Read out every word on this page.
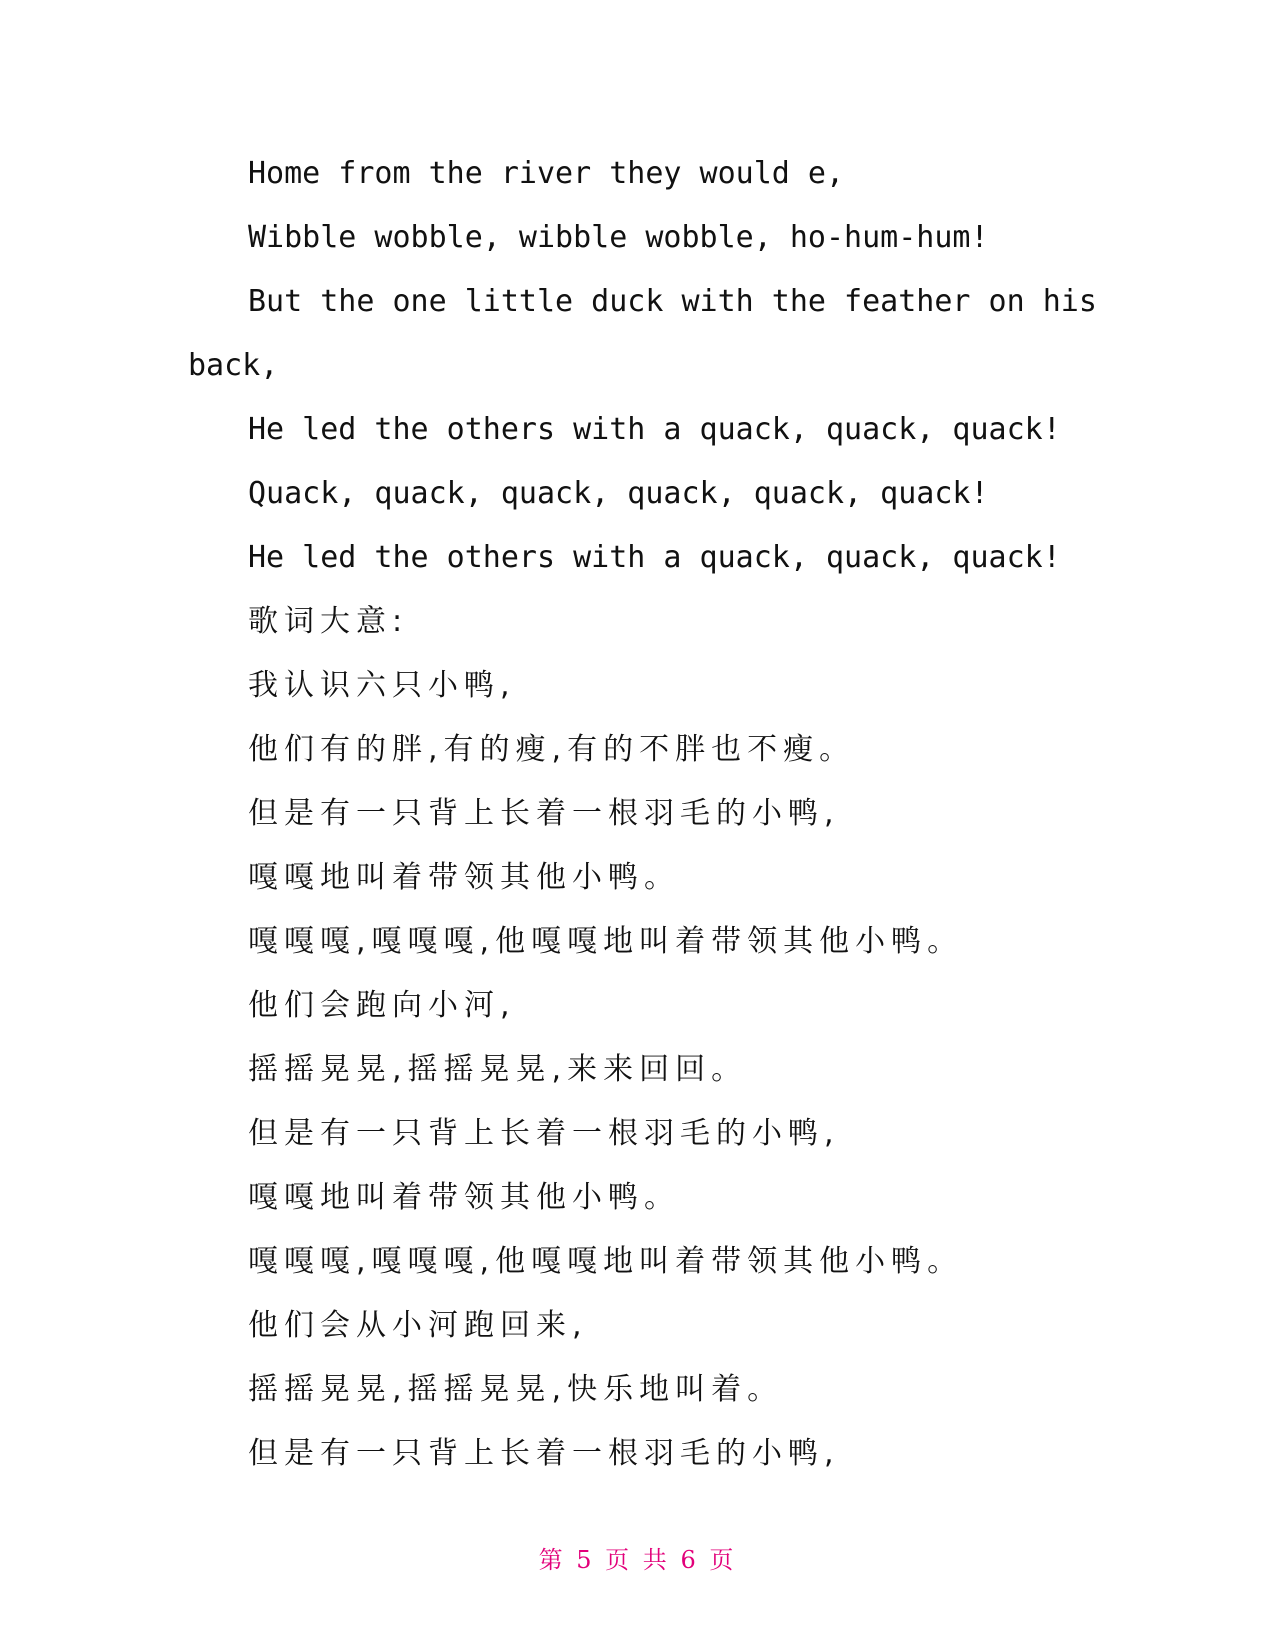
Home from the river they would e,
Wibble wobble, wibble wobble, ho-hum-hum!
But the one little duck with the feather on his
back,
He led the others with a quack, quack, quack!
Quack, quack, quack, quack, quack, quack!
He led the others with a quack, quack, quack!
歌词大意:
我认识六只小鸭,
他们有的胖,有的瘦,有的不胖也不瘦。
但是有一只背上长着一根羽毛的小鸭,
嘎嘎地叫着带领其他小鸭。
嘎嘎嘎,嘎嘎嘎,他嘎嘎地叫着带领其他小鸭。
他们会跑向小河,
摇摇晃晃,摇摇晃晃,来来回回。
但是有一只背上长着一根羽毛的小鸭,
嘎嘎地叫着带领其他小鸭。
嘎嘎嘎,嘎嘎嘎,他嘎嘎地叫着带领其他小鸭。
他们会从小河跑回来,
摇摇晃晃,摇摇晃晃,快乐地叫着。
但是有一只背上长着一根羽毛的小鸭,
第 5 页 共 6 页
